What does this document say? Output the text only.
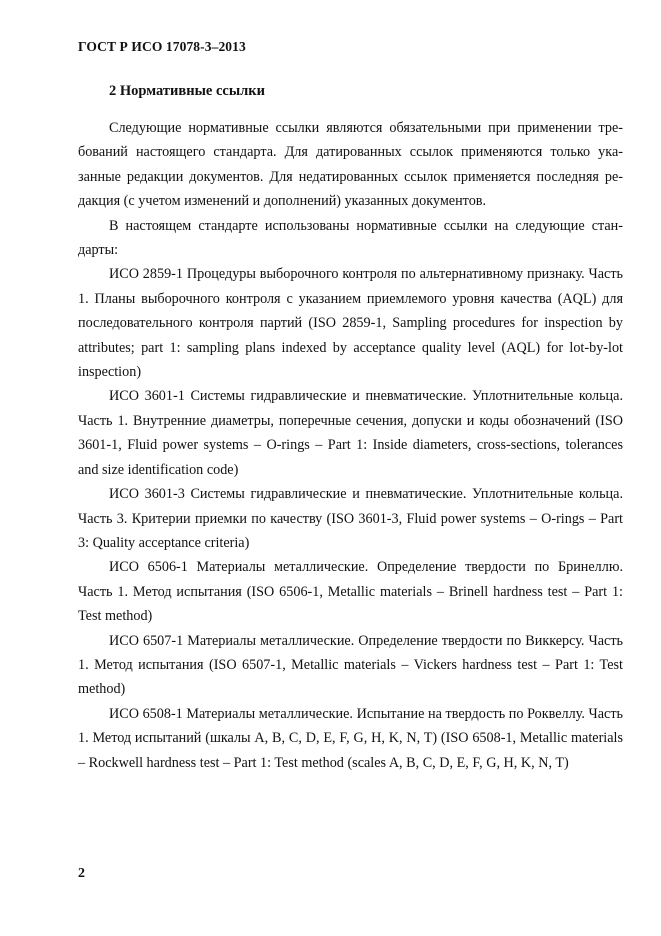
ГОСТ Р ИСО 17078-3–2013
2 Нормативные ссылки

Следующие нормативные ссылки являются обязательными при применении требований настоящего стандарта. Для датированных ссылок применяются только указанные редакции документов. Для недатированных ссылок применяется последняя редакция (с учетом изменений и дополнений) указанных документов.

В настоящем стандарте использованы нормативные ссылки на следующие стандарты:

ИСО 2859-1 Процедуры выборочного контроля по альтернативному признаку. Часть 1. Планы выборочного контроля с указанием приемлемого уровня качества (AQL) для последовательного контроля партий (ISO 2859-1, Sampling procedures for inspection by attributes; part 1: sampling plans indexed by acceptance quality level (AQL) for lot-by-lot inspection)

ИСО 3601-1 Системы гидравлические и пневматические. Уплотнительные кольца. Часть 1. Внутренние диаметры, поперечные сечения, допуски и коды обозначений (ISO 3601-1, Fluid power systems – O-rings – Part 1: Inside diameters, cross-sections, tolerances and size identification code)

ИСО 3601-3 Системы гидравлические и пневматические. Уплотнительные кольца. Часть 3. Критерии приемки по качеству (ISO 3601-3, Fluid power systems – O-rings – Part 3: Quality acceptance criteria)

ИСО 6506-1 Материалы металлические. Определение твердости по Бринеллю. Часть 1. Метод испытания (ISO 6506-1, Metallic materials – Brinell hardness test – Part 1: Test method)

ИСО 6507-1 Материалы металлические. Определение твердости по Виккерсу. Часть 1. Метод испытания (ISO 6507-1, Metallic materials – Vickers hardness test – Part 1: Test method)

ИСО 6508-1 Материалы металлические. Испытание на твердость по Роквеллу. Часть 1. Метод испытаний (шкалы A, B, C, D, E, F, G, H, K, N, T) (ISO 6508-1, Metallic materials – Rockwell hardness test – Part 1: Test method (scales A, B, C, D, E, F, G, H, K, N, T)

2
